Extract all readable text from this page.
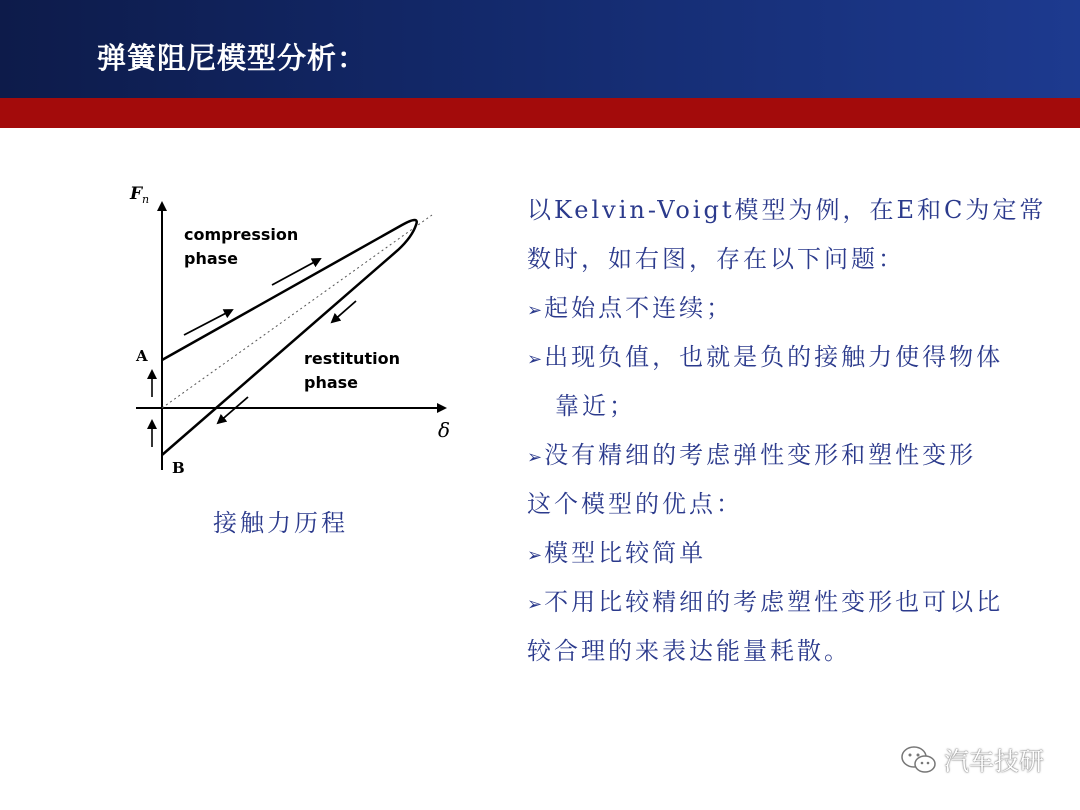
弹簧阻尼模型分析：
F n
δ
compression
phase
restitution
phase
A
B
接触力历程
以Kelvin-Voigt模型为例，在E和C为定常
数时，如右图，存在以下问题：
➢起始点不连续；
➢出现负值，也就是负的接触力使得物体
靠近；
➢没有精细的考虑弹性变形和塑性变形
这个模型的优点：
➢模型比较简单
➢不用比较精细的考虑塑性变形也可以比
较合理的来表达能量耗散。
汽车技研
